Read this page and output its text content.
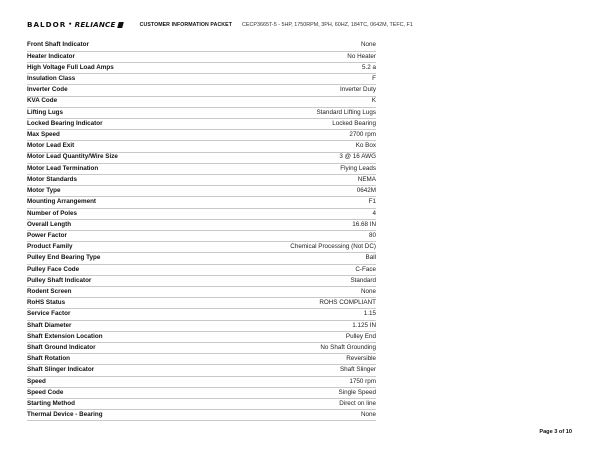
BALDOR • RELIANCE	CUSTOMER INFORMATION PACKET CECP3665T-5 - 5HP, 1750RPM, 3PH, 60HZ, 184TC, 0642M, TEFC, F1
Front Shaft Indicator	None
Heater Indicator	No Heater
High Voltage Full Load Amps	5.2 a
Insulation Class	F
Inverter Code	Inverter Duty
KVA Code	K
Lifting Lugs	Standard Lifting Lugs
Locked Bearing Indicator	Locked Bearing
Max Speed	2700 rpm
Motor Lead Exit	Ko Box
Motor Lead Quantity/Wire Size	3 @ 16 AWG
Motor Lead Termination	Flying Leads
Motor Standards	NEMA
Motor Type	0642M
Mounting Arrangement	F1
Number of Poles	4
Overall Length	16.68 IN
Power Factor	80
Product Family	Chemical Processing (Not DC)
Pulley End Bearing Type	Ball
Pulley Face Code	C-Face
Pulley Shaft Indicator	Standard
Rodent Screen	None
RoHS Status	ROHS COMPLIANT
Service Factor	1.15
Shaft Diameter	1.125 IN
Shaft Extension Location	Pulley End
Shaft Ground Indicator	No Shaft Grounding
Shaft Rotation	Reversible
Shaft Slinger Indicator	Shaft Slinger
Speed	1750 rpm
Speed Code	Single Speed
Starting Method	Direct on line
Thermal Device - Bearing	None
Page 3 of 10
